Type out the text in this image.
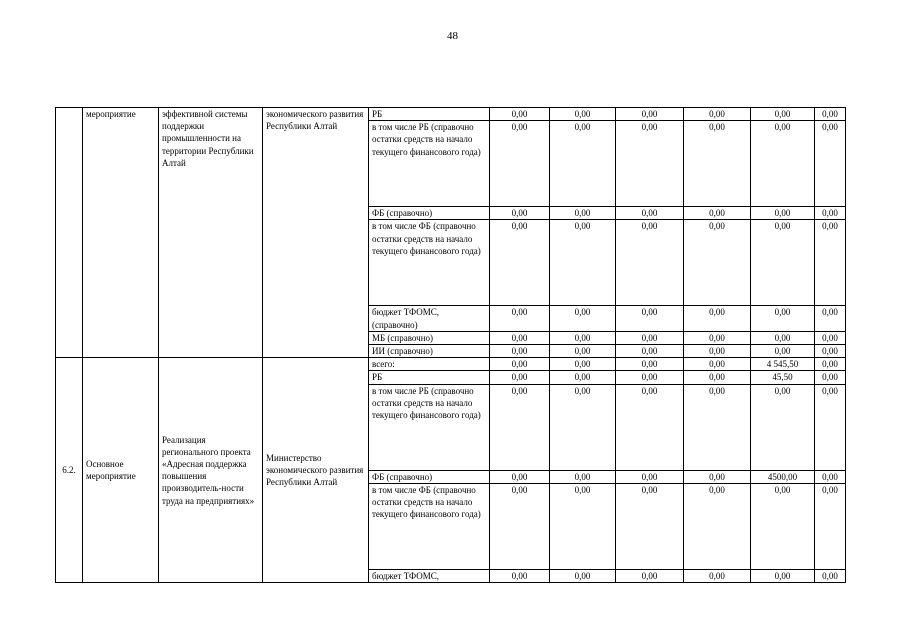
48
	мероприятие	эффективной системы поддержки промышленности на территории Республики Алтай	экономического развития Республики Алтай	РБ	0,00	0,00	0,00	0,00	0,00	0,00
				в том числе РБ (справочно остатки средств на начало текущего финансового года)	0,00	0,00	0,00	0,00	0,00	0,00
				ФБ (справочно)	0,00	0,00	0,00	0,00	0,00	0,00
				в том числе ФБ (справочно остатки средств на начало текущего финансового года)	0,00	0,00	0,00	0,00	0,00	0,00
				бюджет ТФОМС, (справочно)	0,00	0,00	0,00	0,00	0,00	0,00
				МБ (справочно)	0,00	0,00	0,00	0,00	0,00	0,00
				ИИ (справочно)	0,00	0,00	0,00	0,00	0,00	0,00
6.2.	Основное мероприятие	Реализация регионального проекта «Адресная поддержка повышения производитель-ности труда на предприятиях»	Министерство экономического развития Республики Алтай	всего:	0,00	0,00	0,00	0,00	4 545,50	0,00
				РБ	0,00	0,00	0,00	0,00	45,50	0,00
				в том числе РБ (справочно остатки средств на начало текущего финансового года)	0,00	0,00	0,00	0,00	0,00	0,00
				ФБ (справочно)	0,00	0,00	0,00	0,00	4500,00	0,00
				в том числе ФБ (справочно остатки средств на начало текущего финансового года)	0,00	0,00	0,00	0,00	0,00	0,00
				бюджет ТФОМС,	0,00	0,00	0,00	0,00	0,00	0,00
